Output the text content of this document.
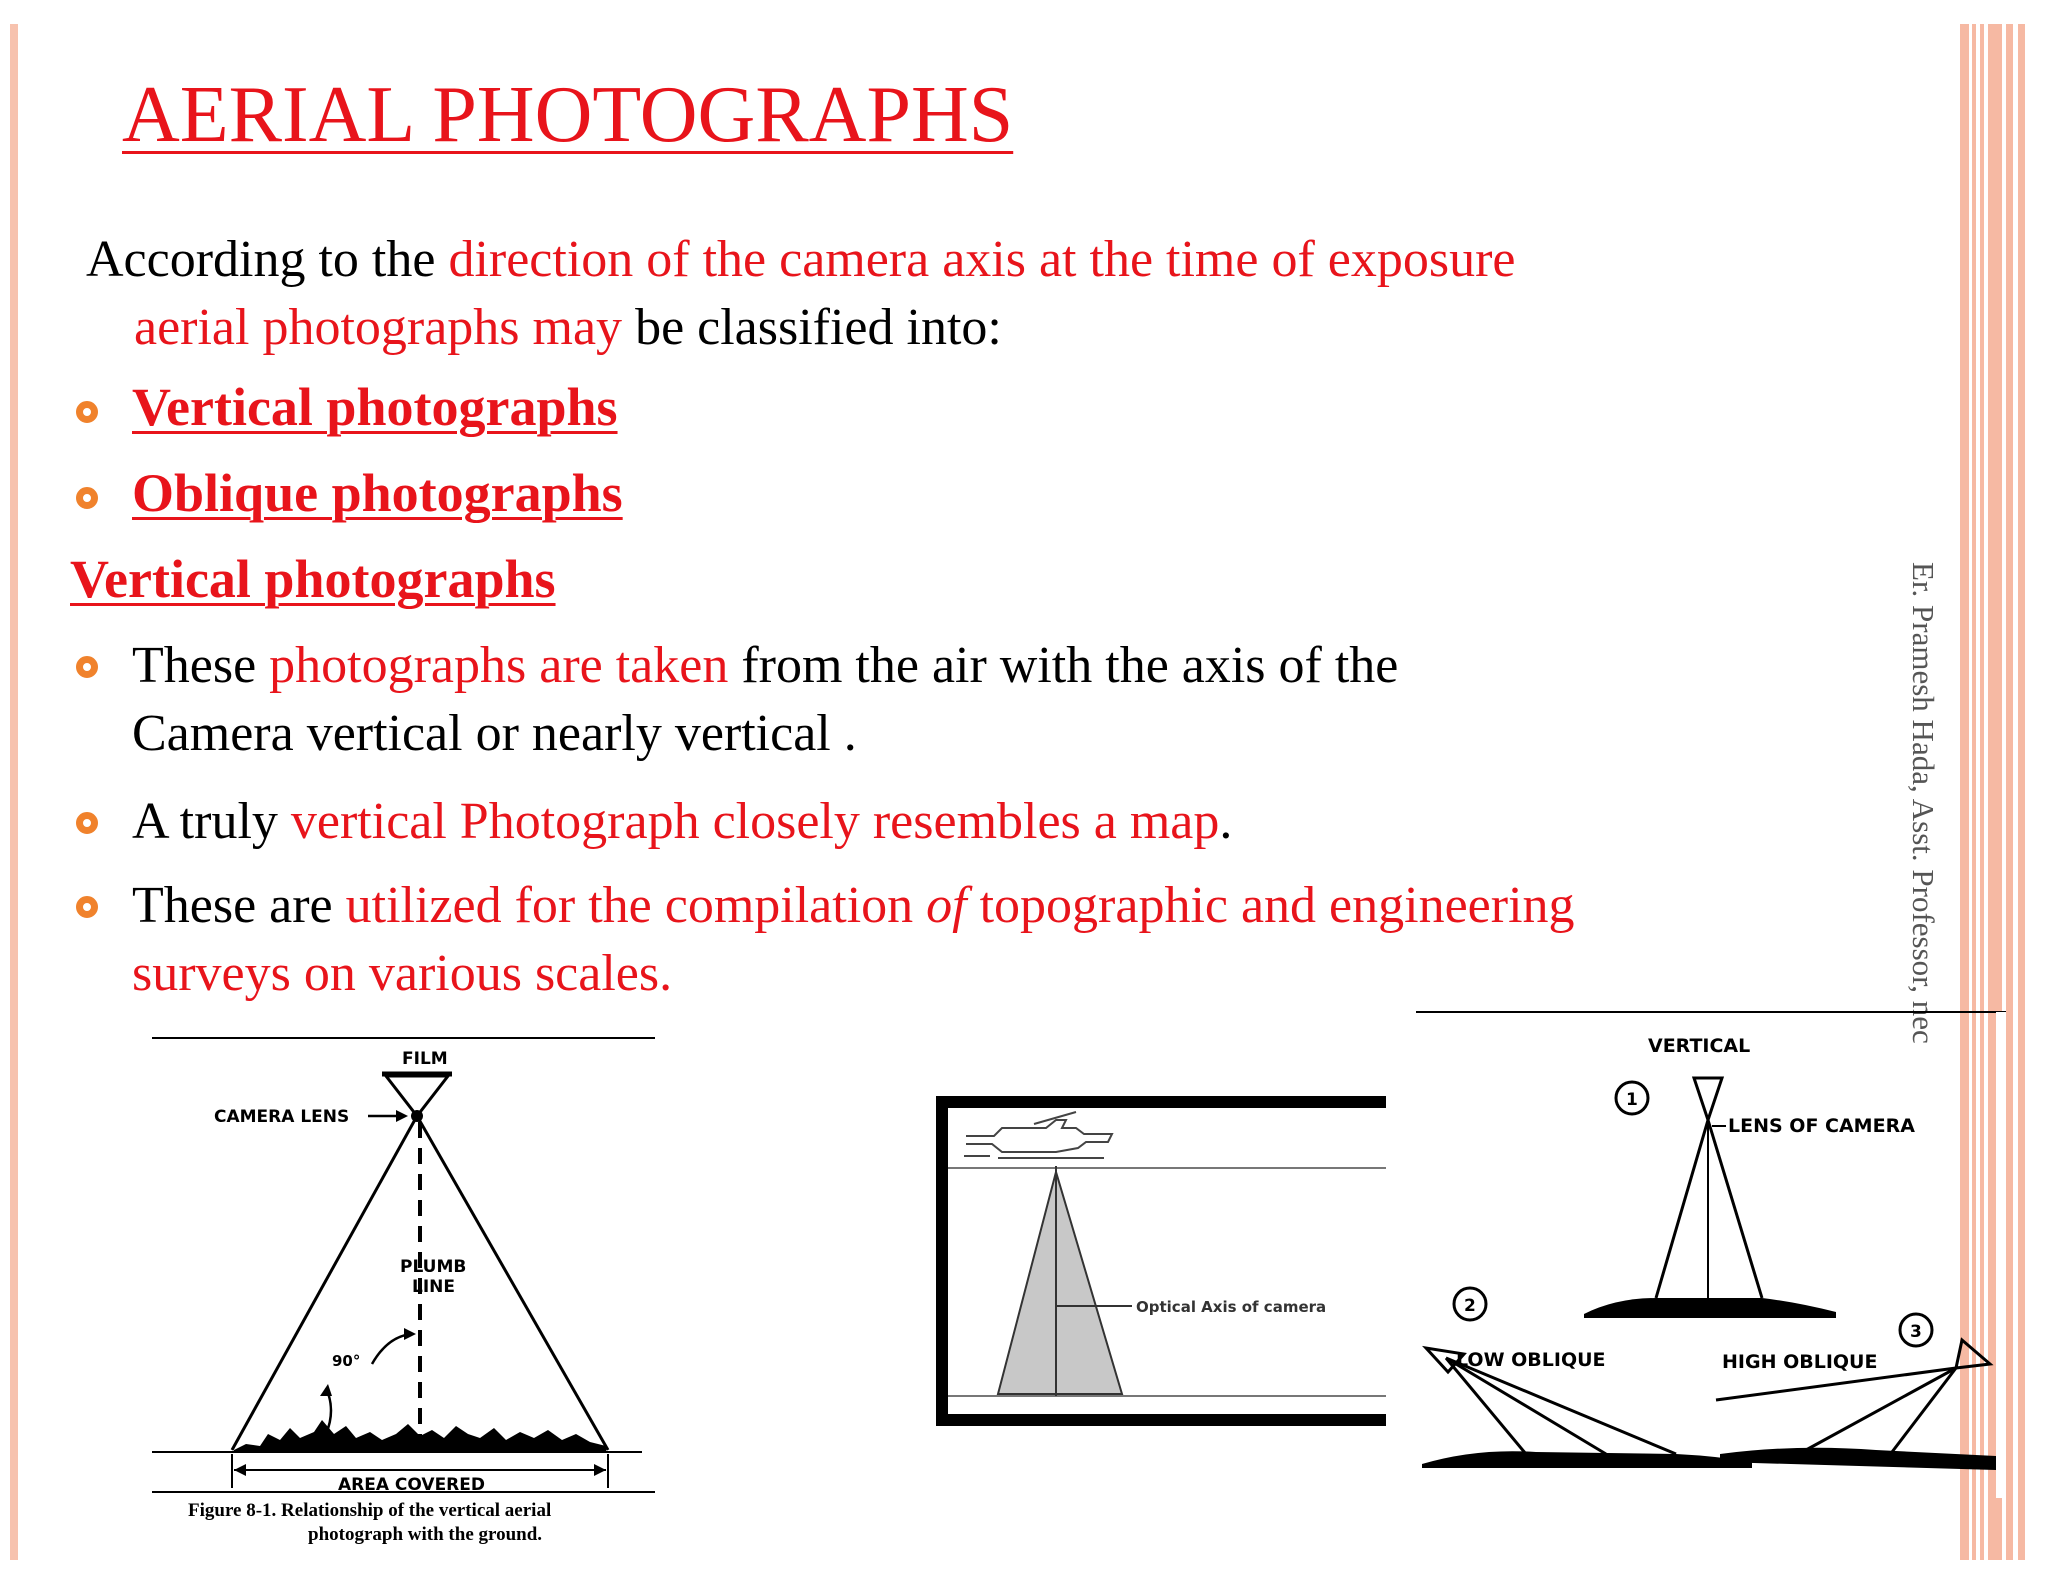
AERIAL PHOTOGRAPHS
According to the direction of the camera axis at the time of exposure
aerial photographs may be classified into:
Vertical photographs
Oblique photographs
Vertical photographs
These photographs are taken from the air with the axis of the
Camera vertical or nearly vertical .
A truly vertical Photograph closely resembles a map.
These are utilized for the compilation of topographic and engineering
surveys on various scales.	Er. Pramesh Hada, Asst. Professor, nec
FILM
CAMERA LENS
PLUMB
LINE
90°
AREA COVERED
Figure 8-1. Relationship of the vertical aerial
photograph with the ground.
Optical Axis of camera
VERTICAL
1
LENS OF CAMERA
2
LOW OBLIQUE
3
HIGH OBLIQUE
